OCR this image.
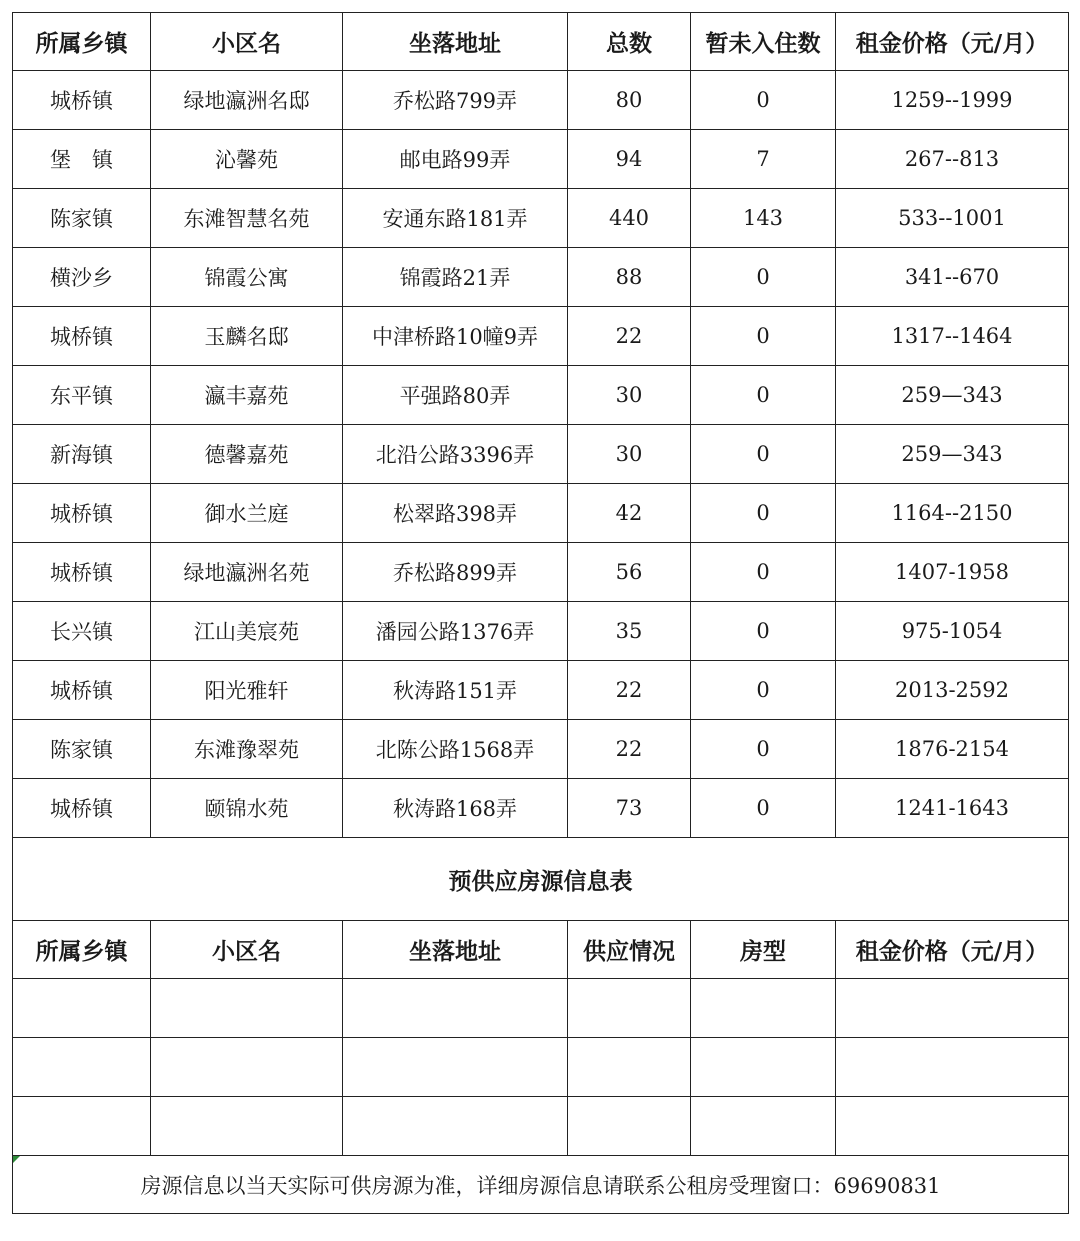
所属乡镇	小区名	坐落地址	总数	暂未入住数	租金价格（元/月）
城桥镇	绿地瀛洲名邸	乔松路799弄	80	0	1259--1999
堡　镇	沁馨苑	邮电路99弄	94	7	267--813
陈家镇	东滩智慧名苑	安通东路181弄	440	143	533--1001
横沙乡	锦霞公寓	锦霞路21弄	88	0	341--670
城桥镇	玉麟名邸	中津桥路10幢9弄	22	0	1317--1464
东平镇	瀛丰嘉苑	平强路80弄	30	0	259—343
新海镇	德馨嘉苑	北沿公路3396弄	30	0	259—343
城桥镇	御水兰庭	松翠路398弄	42	0	1164--2150
城桥镇	绿地瀛洲名苑	乔松路899弄	56	0	1407-1958
长兴镇	江山美宸苑	潘园公路1376弄	35	0	975-1054
城桥镇	阳光雅轩	秋涛路151弄	22	0	2013-2592
陈家镇	东滩豫翠苑	北陈公路1568弄	22	0	1876-2154
城桥镇	颐锦水苑	秋涛路168弄	73	0	1241-1643
预供应房源信息表					
所属乡镇	小区名	坐落地址	供应情况	房型	租金价格（元/月）

房源信息以当天实际可供房源为准，详细房源信息请联系公租房受理窗口：69690831					
